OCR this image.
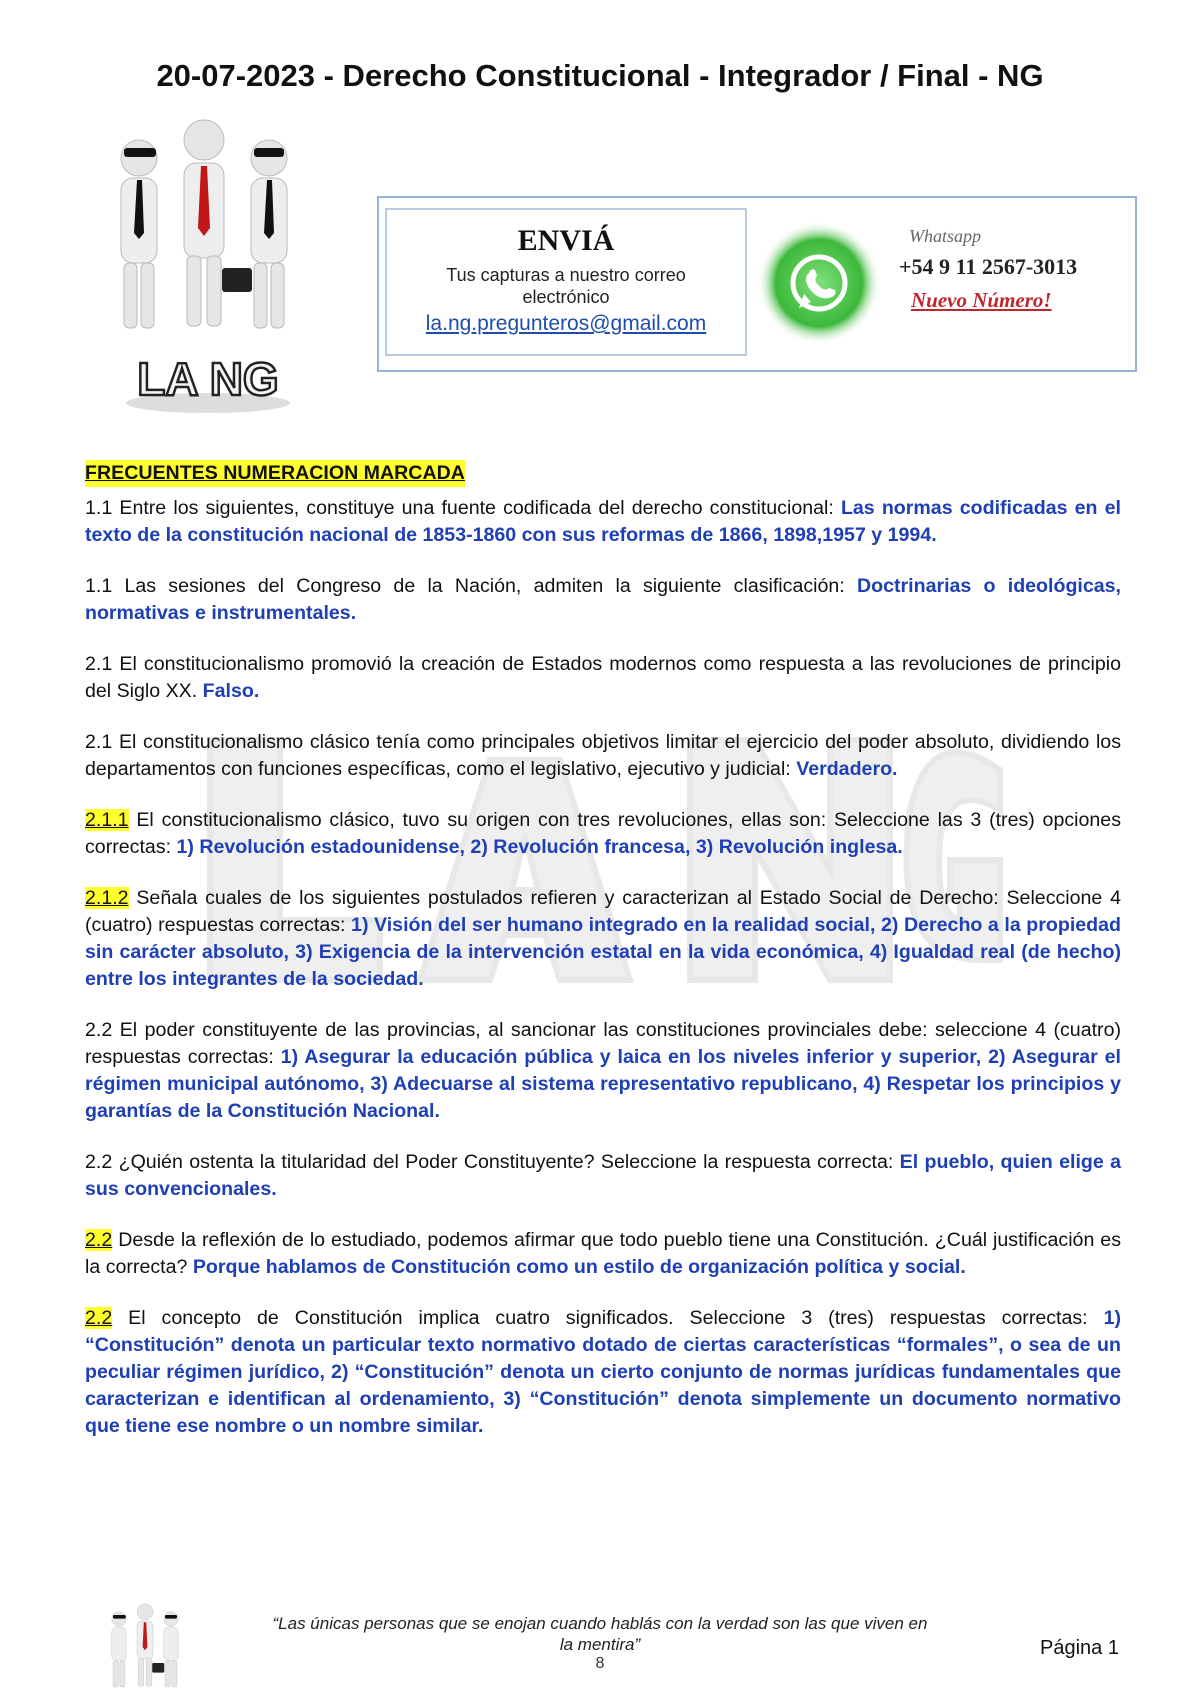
20-07-2023 - Derecho Constitucional - Integrador / Final - NG
LA NG
ENVIÁ
Tus capturas a nuestro correo electrónico
la.ng.pregunteros@gmail.com
Whatsapp
+54 9 11 2567-3013
Nuevo Número!
FRECUENTES NUMERACION MARCADA
1.1 Entre los siguientes, constituye una fuente codificada del derecho constitucional: Las normas codificadas en el texto de la constitución nacional de 1853-1860 con sus reformas de 1866, 1898,1957 y 1994.
1.1 Las sesiones del Congreso de la Nación, admiten la siguiente clasificación: Doctrinarias o ideológicas, normativas e instrumentales.
2.1 El constitucionalismo promovió la creación de Estados modernos como respuesta a las revoluciones de principio del Siglo XX. Falso.
2.1 El constitucionalismo clásico tenía como principales objetivos limitar el ejercicio del poder absoluto, dividiendo los departamentos con funciones específicas, como el legislativo, ejecutivo y judicial: Verdadero.
2.1.1 El constitucionalismo clásico, tuvo su origen con tres revoluciones, ellas son: Seleccione las 3 (tres) opciones correctas: 1) Revolución estadounidense, 2) Revolución francesa, 3) Revolución inglesa.
2.1.2 Señala cuales de los siguientes postulados refieren y caracterizan al Estado Social de Derecho: Seleccione 4 (cuatro) respuestas correctas: 1) Visión del ser humano integrado en la realidad social, 2) Derecho a la propiedad sin carácter absoluto, 3) Exigencia de la intervención estatal en la vida económica, 4) Igualdad real (de hecho) entre los integrantes de la sociedad.
2.2 El poder constituyente de las provincias, al sancionar las constituciones provinciales debe: seleccione 4 (cuatro) respuestas correctas: 1) Asegurar la educación pública y laica en los niveles inferior y superior, 2) Asegurar el régimen municipal autónomo, 3) Adecuarse al sistema representativo republicano, 4) Respetar los principios y garantías de la Constitución Nacional.
2.2 ¿Quién ostenta la titularidad del Poder Constituyente? Seleccione la respuesta correcta: El pueblo, quien elige a sus convencionales.
2.2 Desde la reflexión de lo estudiado, podemos afirmar que todo pueblo tiene una Constitución. ¿Cuál justificación es la correcta? Porque hablamos de Constitución como un estilo de organización política y social.
2.2 El concepto de Constitución implica cuatro significados. Seleccione 3 (tres) respuestas correctas: 1) “Constitución” denota un particular texto normativo dotado de ciertas características “formales”, o sea de un peculiar régimen jurídico, 2) “Constitución” denota un cierto conjunto de normas jurídicas fundamentales que caracterizan e identifican al ordenamiento, 3) “Constitución” denota simplemente un documento normativo que tiene ese nombre o un nombre similar.
“Las únicas personas que se enojan cuando hablás con la verdad son las que viven en la mentira”
8
Página 1
